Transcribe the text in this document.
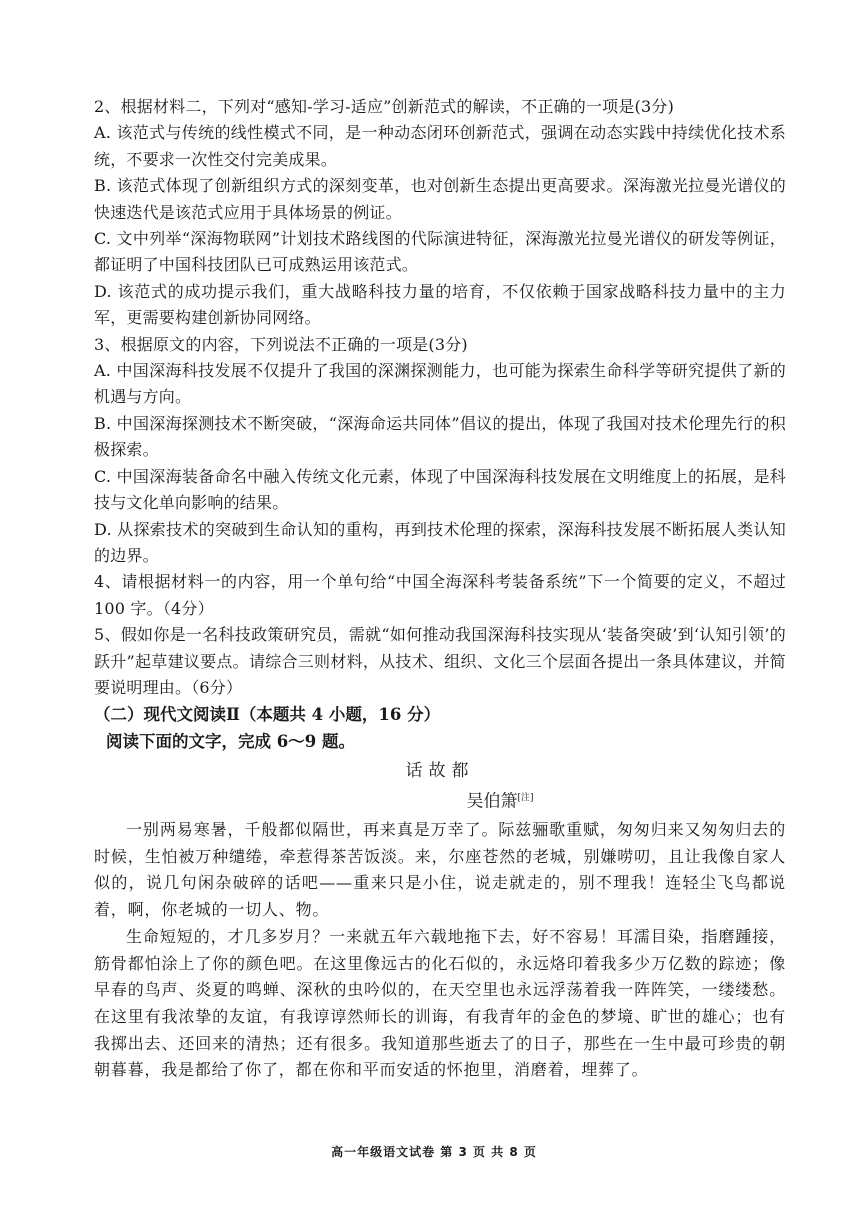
2、根据材料二，下列对“感知-学习-适应”创新范式的解读，不正确的一项是(3分)

A. 该范式与传统的线性模式不同，是一种动态闭环创新范式，强调在动态实践中持续优化技术系统，不要求一次性交付完美成果。

B. 该范式体现了创新组织方式的深刻变革，也对创新生态提出更高要求。深海激光拉曼光谱仪的快速迭代是该范式应用于具体场景的例证。

C. 文中列举“深海物联网”计划技术路线图的代际演进特征，深海激光拉曼光谱仪的研发等例证，都证明了中国科技团队已可成熟运用该范式。

D. 该范式的成功提示我们，重大战略科技力量的培育，不仅依赖于国家战略科技力量中的主力军，更需要构建创新协同网络。

3、根据原文的内容，下列说法不正确的一项是(3分)

A. 中国深海科技发展不仅提升了我国的深渊探测能力，也可能为探索生命科学等研究提供了新的机遇与方向。

B. 中国深海探测技术不断突破，“深海命运共同体”倡议的提出，体现了我国对技术伦理先行的积极探索。

C. 中国深海装备命名中融入传统文化元素，体现了中国深海科技发展在文明维度上的拓展，是科技与文化单向影响的结果。

D. 从探索技术的突破到生命认知的重构，再到技术伦理的探索，深海科技发展不断拓展人类认知的边界。

4、请根据材料一的内容，用一个单句给“中国全海深科考装备系统”下一个简要的定义，不超过 100 字。（4分）

5、假如你是一名科技政策研究员，需就“如何推动我国深海科技实现从‘装备突破’到‘认知引领’的跃升”起草建议要点。请综合三则材料，从技术、组织、文化三个层面各提出一条具体建议，并简要说明理由。（6分）

（二）现代文阅读Ⅱ（本题共 4 小题，16 分）

阅读下面的文字，完成 6～9 题。

话故都

吴伯箫[注]

一别两易寒暑，千般都似隔世，再来真是万幸了。际兹骊歌重赋，匆匆归来又匆匆归去的时候，生怕被万种缱绻，牵惹得茶苦饭淡。来，尔座苍然的老城，别嫌唠叨，且让我像自家人似的，说几句闲杂破碎的话吧——重来只是小住，说走就走的，别不理我！连轻尘飞鸟都说着，啊，你老城的一切人、物。

生命短短的，才几多岁月？一来就五年六载地拖下去，好不容易！耳濡目染，指磨踵接，筋骨都怕涂上了你的颜色吧。在这里像远古的化石似的，永远烙印着我多少万亿数的踪迹；像早春的鸟声、炎夏的鸣蝉、深秋的虫吟似的，在天空里也永远浮荡着我一阵阵笑，一缕缕愁。在这里有我浓挚的友谊，有我谆谆然师长的训诲，有我青年的金色的梦境、旷世的雄心；也有我掷出去、还回来的清热；还有很多。我知道那些逝去了的日子，那些在一生中最可珍贵的朝朝暮暮，我是都给了你了，都在你和平而安适的怀抱里，消磨着，埋葬了。

高一年级语文试卷 第 3 页 共 8 页
